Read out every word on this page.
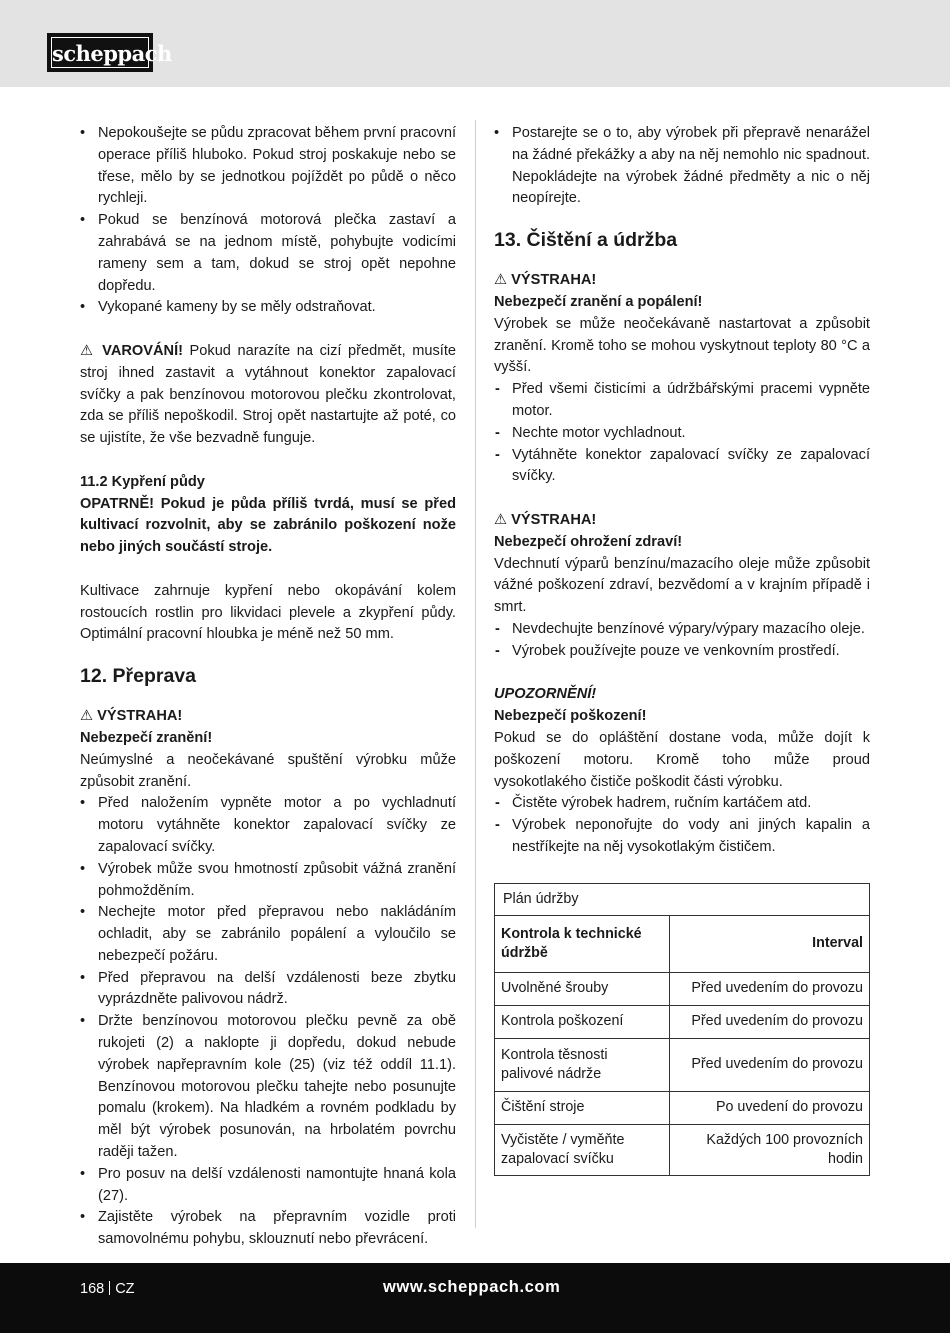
scheppach
• Nepokoušejte se půdu zpracovat během první pracovní operace příliš hluboko. Pokud stroj poskakuje nebo se třese, mělo by se jednotkou pojíždět po půdě o něco rychleji.
• Pokud se benzínová motorová plečka zastaví a zahrabává se na jednom místě, pohybujte vodicími rameny sem a tam, dokud se stroj opět nepohne dopředu.
• Vykopané kameny by se měly odstraňovat.

⚠ VAROVÁNÍ! Pokud narazíte na cizí předmět, musíte stroj ihned zastavit a vytáhnout konektor zapalovací svíčky a pak benzínovou motorovou plečku zkontrolovat, zda se příliš nepoškodil. Stroj opět nastartujte až poté, co se ujistíte, že vše bezvadně funguje.

11.2 Kypření půdy

OPATRNĚ! Pokud je půda příliš tvrdá, musí se před kultivací rozvolnit, aby se zabránilo poškození nože nebo jiných součástí stroje.

Kultivace zahrnuje kypření nebo okopávání kolem rostoucích rostlin pro likvidaci plevele a zkypření půdy. Optimální pracovní hloubka je méně než 50 mm.

12. Přeprava

⚠ VÝSTRAHA!

Nebezpečí zranění!

Neúmyslné a neočekávané spuštění výrobku může způsobit zranění.

• Před naložením vypněte motor a po vychladnutí motoru vytáhněte konektor zapalovací svíčky ze zapalovací svíčky.
• Výrobek může svou hmotností způsobit vážná zranění pohmožděním.
• Nechejte motor před přepravou nebo nakládáním ochladit, aby se zabránilo popálení a vyloučilo se nebezpečí požáru.
• Před přepravou na delší vzdálenosti beze zbytku vyprázdněte palivovou nádrž.
• Držte benzínovou motorovou plečku pevně za obě rukojeti (2) a naklopte ji dopředu, dokud nebude výrobek napřepravním kole (25) (viz též oddíl 11.1). Benzínovou motorovou plečku tahejte nebo posunujte pomalu (krokem). Na hladkém a rovném podkladu by měl být výrobek posunován, na hrbolatém povrchu raději tažen.
• Pro posuv na delší vzdálenosti namontujte hnaná kola (27).
• Zajistěte výrobek na přepravním vozidle proti samovolnému pohybu, sklouznutí nebo převrácení.
• Postarejte se o to, aby výrobek při přepravě nenarážel na žádné překážky a aby na něj nemohlo nic spadnout. Nepokládejte na výrobek žádné předměty a nic o něj neopírejte.
13. Čištění a údržba

⚠ VÝSTRAHA!

Nebezpečí zranění a popálení!

Výrobek se může neočekávaně nastartovat a způsobit zranění. Kromě toho se mohou vyskytnout teploty 80 °C a vyšší.

- Před všemi čisticími a údržbářskými pracemi vypněte motor.
- Nechte motor vychladnout.
- Vytáhněte konektor zapalovací svíčky ze zapalovací svíčky.

⚠ VÝSTRAHA!

Nebezpečí ohrožení zdraví!

Vdechnutí výparů benzínu/mazacího oleje může způsobit vážné poškození zdraví, bezvědomí a v krajním případě i smrt.

- Nevdechujte benzínové výpary/výpary mazacího oleje.
- Výrobek používejte pouze ve venkovním prostředí.

UPOZORNĚNÍ!

Nebezpečí poškození!

Pokud se do opláštění dostane voda, může dojít k poškození motoru. Kromě toho může proud vysokotlakého čističe poškodit části výrobku.

- Čistěte výrobek hadrem, ručním kartáčem atd.
- Výrobek neponořujte do vody ani jiných kapalin a nestříkejte na něj vysokotlakým čističem.
Plán údržby	
Kontrola k technické údržbě	Interval
Uvolněné šrouby	Před uvedením do provozu
Kontrola poškození	Před uvedením do provozu
Kontrola těsnosti palivové nádrže	Před uvedením do provozu
Čištění stroje	Po uvedení do provozu
Vyčistěte / vyměňte zapalovací svíčku	Každých 100 provozních hodin
168 CZ	www.scheppach.com
